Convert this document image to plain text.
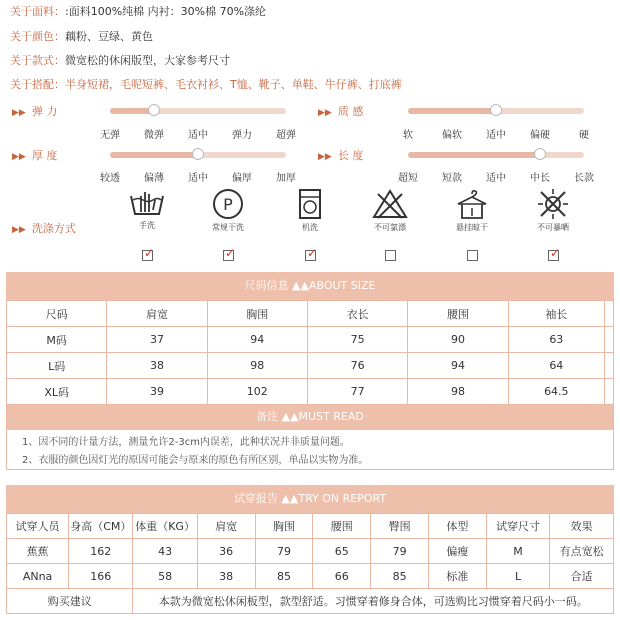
关于面料：:面料100%纯棉 内衬：30%棉 70%涤纶
关于颜色：藕粉、豆绿、黄色
关于款式：微宽松的休闲版型，大家参考尺寸
关于搭配：半身短裙，毛呢短裤、毛衣衬衫、T恤、靴子、单鞋、牛仔裤、打底裤
▶▶ 弹 力
无弹 微弹 适中 弹力 超弹
▶▶ 质 感
软	偏软 适中 偏硬	硬
▶▶ 厚 度
较透 偏薄 适中 偏厚 加厚
▶▶ 长 度
超短 短款 适中 中长 长款
▶▶ 洗涤方式	手洗
✓
P
常规干洗
✓
机洗
✓
不可氯漂	悬挂晾干	不可暴晒
✓
尺码信息 ▲▲ABOUT SIZE
尺码	肩宽	胸围	衣长	腰围	袖长	
M码	37	94	75	90	63	
L码	38	98	76	94	64	
XL码	39	102	77	98	64.5	
备注 ▲▲MUST READ
1、因不同的计量方法，测量允许2-3cm内误差，此种状况并非质量问题。
2、衣服的颜色因灯光的原因可能会与原来的原色有所区别，单品以实物为准。
试穿报告 ▲▲TRY ON REPORT
试穿人员	身高（CM）	体重（KG）	肩宽	胸围	腰围	臀围	体型	试穿尺寸	效果
蕉蕉	162	43	36	79	65	79	偏瘦	M	有点宽松
ANna	166	58	38	85	66	85	标准	L	合适
购买建议		本款为微宽松休闲板型，款型舒适。习惯穿着修身合体，可选购比习惯穿着尺码小一码。							
